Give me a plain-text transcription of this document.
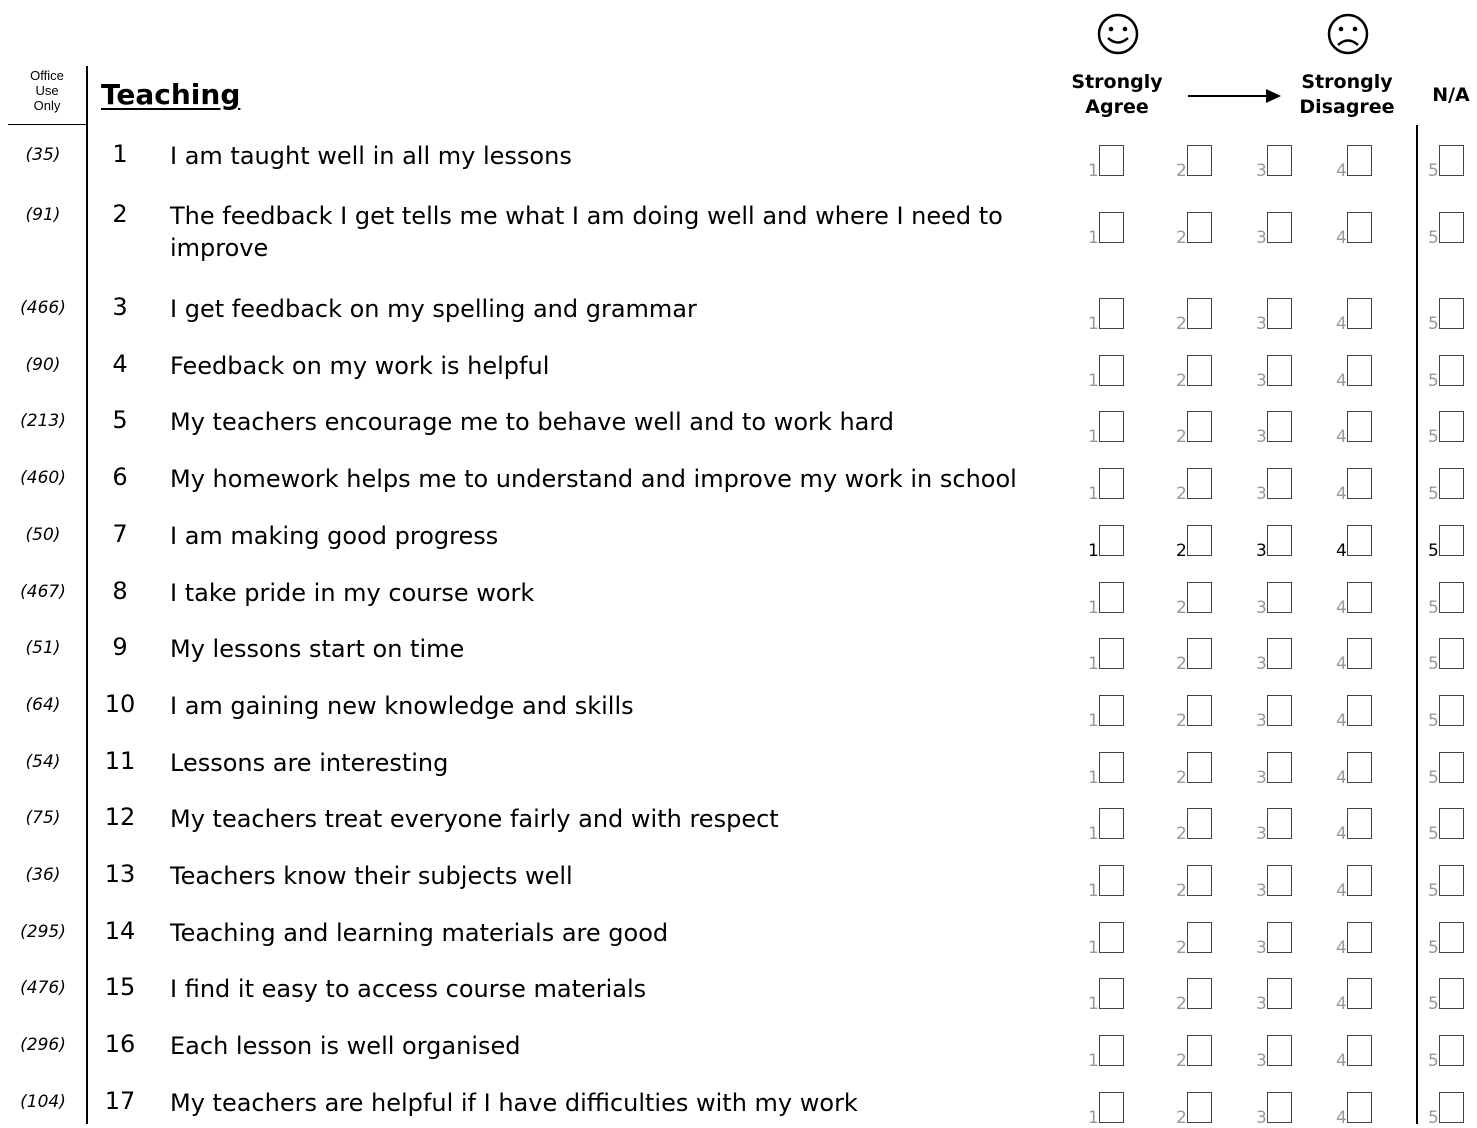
Office
Use
Only	Teaching	Strongly
Agree
Strongly
Disagree
N/A
(35)	1	I am taught well in all my lessons
1	2	3	4	5
(91)	2	The feedback I get tells me what I am doing well and where I need to
improve	1	2	3	4	5
(466)	3	I get feedback on my spelling and grammar
1	2	3	4	5
(90)	4	Feedback on my work is helpful
1	2	3	4	5
(213)	5	My teachers encourage me to behave well and to work hard
1	2	3	4	5
(460)	6	My homework helps me to understand and improve my work in school
1	2	3	4	5
(50)	7	I am making good progress
1	2	3	4	5
(467)	8	I take pride in my course work
1	2	3	4	5
(51)	9	My lessons start on time
1	2	3	4	5
(64)	10	I am gaining new knowledge and skills
1	2	3	4	5
(54)	11	Lessons are interesting
1	2	3	4	5
(75)	12	My teachers treat everyone fairly and with respect
1	2	3	4	5
(36)	13	Teachers know their subjects well
1	2	3	4	5
(295)	14	Teaching and learning materials are good
1	2	3	4	5
(476)	15	I find it easy to access course materials
1	2	3	4	5
(296)	16	Each lesson is well organised
1	2	3	4	5
(104)	17	My teachers are helpful if I have difficulties with my work
1	2	3	4	5
